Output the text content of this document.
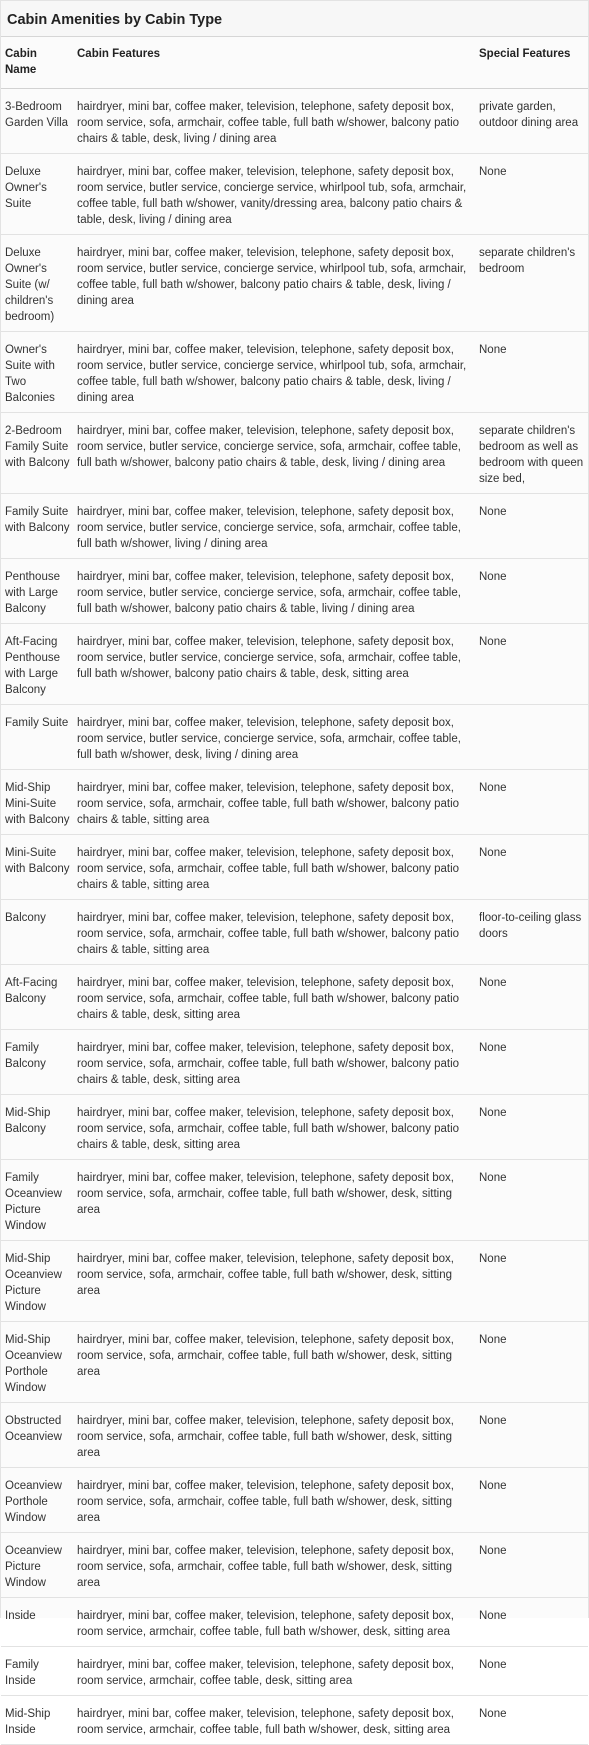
Cabin Amenities by Cabin Type
Cabin Name	Cabin Features	Special Features
3-Bedroom Garden Villa	hairdryer, mini bar, coffee maker, television, telephone, safety deposit box, room service, sofa, armchair, coffee table, full bath w/shower, balcony patio chairs & table, desk, living / dining area	private garden, outdoor dining area
Deluxe Owner's Suite	hairdryer, mini bar, coffee maker, television, telephone, safety deposit box, room service, butler service, concierge service, whirlpool tub, sofa, armchair, coffee table, full bath w/shower, vanity/dressing area, balcony patio chairs & table, desk, living / dining area	None
Deluxe Owner's Suite (w/ children's bedroom)	hairdryer, mini bar, coffee maker, television, telephone, safety deposit box, room service, butler service, concierge service, whirlpool tub, sofa, armchair, coffee table, full bath w/shower, balcony patio chairs & table, desk, living / dining area	separate children's bedroom
Owner's Suite with Two Balconies	hairdryer, mini bar, coffee maker, television, telephone, safety deposit box, room service, butler service, concierge service, whirlpool tub, sofa, armchair, coffee table, full bath w/shower, balcony patio chairs & table, desk, living / dining area	None
2-Bedroom Family Suite with Balcony	hairdryer, mini bar, coffee maker, television, telephone, safety deposit box, room service, butler service, concierge service, sofa, armchair, coffee table, full bath w/shower, balcony patio chairs & table, desk, living / dining area	separate children's bedroom as well as bedroom with queen size bed,
Family Suite with Balcony	hairdryer, mini bar, coffee maker, television, telephone, safety deposit box, room service, butler service, concierge service, sofa, armchair, coffee table, full bath w/shower, living / dining area	None
Penthouse with Large Balcony	hairdryer, mini bar, coffee maker, television, telephone, safety deposit box, room service, butler service, concierge service, sofa, armchair, coffee table, full bath w/shower, balcony patio chairs & table, living / dining area	None
Aft-Facing Penthouse with Large Balcony	hairdryer, mini bar, coffee maker, television, telephone, safety deposit box, room service, butler service, concierge service, sofa, armchair, coffee table, full bath w/shower, balcony patio chairs & table, desk, sitting area	None
Family Suite	hairdryer, mini bar, coffee maker, television, telephone, safety deposit box, room service, butler service, concierge service, sofa, armchair, coffee table, full bath w/shower, desk, living / dining area	
Mid-Ship Mini-Suite with Balcony	hairdryer, mini bar, coffee maker, television, telephone, safety deposit box, room service, sofa, armchair, coffee table, full bath w/shower, balcony patio chairs & table, sitting area	None
Mini-Suite with Balcony	hairdryer, mini bar, coffee maker, television, telephone, safety deposit box, room service, sofa, armchair, coffee table, full bath w/shower, balcony patio chairs & table, sitting area	None
Balcony	hairdryer, mini bar, coffee maker, television, telephone, safety deposit box, room service, sofa, armchair, coffee table, full bath w/shower, balcony patio chairs & table, sitting area	floor-to-ceiling glass doors
Aft-Facing Balcony	hairdryer, mini bar, coffee maker, television, telephone, safety deposit box, room service, sofa, armchair, coffee table, full bath w/shower, balcony patio chairs & table, desk, sitting area	None
Family Balcony	hairdryer, mini bar, coffee maker, television, telephone, safety deposit box, room service, sofa, armchair, coffee table, full bath w/shower, balcony patio chairs & table, desk, sitting area	None
Mid-Ship Balcony	hairdryer, mini bar, coffee maker, television, telephone, safety deposit box, room service, sofa, armchair, coffee table, full bath w/shower, balcony patio chairs & table, desk, sitting area	None
Family Oceanview Picture Window	hairdryer, mini bar, coffee maker, television, telephone, safety deposit box, room service, sofa, armchair, coffee table, full bath w/shower, desk, sitting area	None
Mid-Ship Oceanview Picture Window	hairdryer, mini bar, coffee maker, television, telephone, safety deposit box, room service, sofa, armchair, coffee table, full bath w/shower, desk, sitting area	None
Mid-Ship Oceanview Porthole Window	hairdryer, mini bar, coffee maker, television, telephone, safety deposit box, room service, sofa, armchair, coffee table, full bath w/shower, desk, sitting area	None
Obstructed Oceanview	hairdryer, mini bar, coffee maker, television, telephone, safety deposit box, room service, sofa, armchair, coffee table, full bath w/shower, desk, sitting area	None
Oceanview Porthole Window	hairdryer, mini bar, coffee maker, television, telephone, safety deposit box, room service, sofa, armchair, coffee table, full bath w/shower, desk, sitting area	None
Oceanview Picture Window	hairdryer, mini bar, coffee maker, television, telephone, safety deposit box, room service, sofa, armchair, coffee table, full bath w/shower, desk, sitting area	None
Inside	hairdryer, mini bar, coffee maker, television, telephone, safety deposit box, room service, armchair, coffee table, full bath w/shower, desk, sitting area	None
Family Inside	hairdryer, mini bar, coffee maker, television, telephone, safety deposit box, room service, armchair, coffee table, desk, sitting area	None
Mid-Ship Inside	hairdryer, mini bar, coffee maker, television, telephone, safety deposit box, room service, armchair, coffee table, full bath w/shower, desk, sitting area	None
